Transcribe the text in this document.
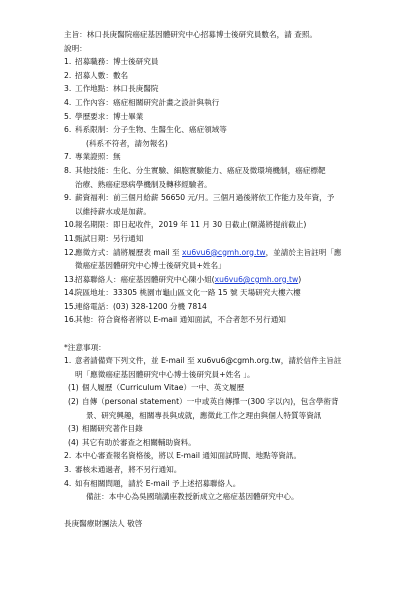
主旨：林口長庚醫院癌症基因體研究中心招募博士後研究員數名，請 查照。
說明：
1. 招募職務：博士後研究員
2. 招募人數：數名
3. 工作地點：林口長庚醫院
4. 工作內容：癌症相關研究計畫之設計與執行
5. 學歷要求：博士畢業
6. 科系限制：分子生物、生醫生化、癌症領域等
(科系不符者，請勿報名)
7. 專業證照：無
8. 其他技能：生化、分生實驗、細胞實驗能力、癌症及微環境機制，癌症標靶
治療、熟癌症惡病學機制及轉移經驗者。
9. 薪資福利：前三個月給薪 56650 元/月。三個月過後將依工作能力及年資，予
以維持薪水或是加薪。
10.報名期限：即日起收件，2019 年 11 月 30 日截止(額滿將提前截止)
11.甄試日期：另行通知
12.應徵方式：請將履歷表 mail 至 xu6vu6@cgmh.org.tw，並請於主旨註明「應
徵癌症基因體研究中心博士後研究員+姓名」
13.招募聯絡人：癌症基因體研究中心陳小姐(xu6vu6@cgmh.org.tw)
14.院區地址：33305 桃園市龜山區文化一路 15 號 天場研究大樓六樓
15.連絡電話：(03) 328-1200 分機 7814
16.其他：符合資格者將以 E-mail 通知面試，不合者恕不另行通知
*注意事項：
1. 意者請備齊下列文件，並 E-mail 至 xu6vu6@cgmh.org.tw，請於信件主旨註
明「應徵癌症基因體研究中心博士後研究員+姓名 」。
(1) 個人履歷（Curriculum Vitae）一中、英文履歷
(2) 自傳（personal statement）一中或英自傳擇一(300 字以內)，包含學術背
景、研究興趣，相關專長與成就，應徵此工作之理由與個人特質等資訊
(3) 相關研究著作目錄
(4) 其它有助於審查之相關輔助資料。
2. 本中心審查報名資格後，將以 E-mail 通知面試時間、地點等資訊。
3. 審核未通過者，將不另行通知。
4. 如有相關問題，請於 E-mail 予上述招募聯絡人。
備註：本中心為吳國瑞講座教授新成立之癌症基因體研究中心。
長庚醫療財團法人 敬啓
